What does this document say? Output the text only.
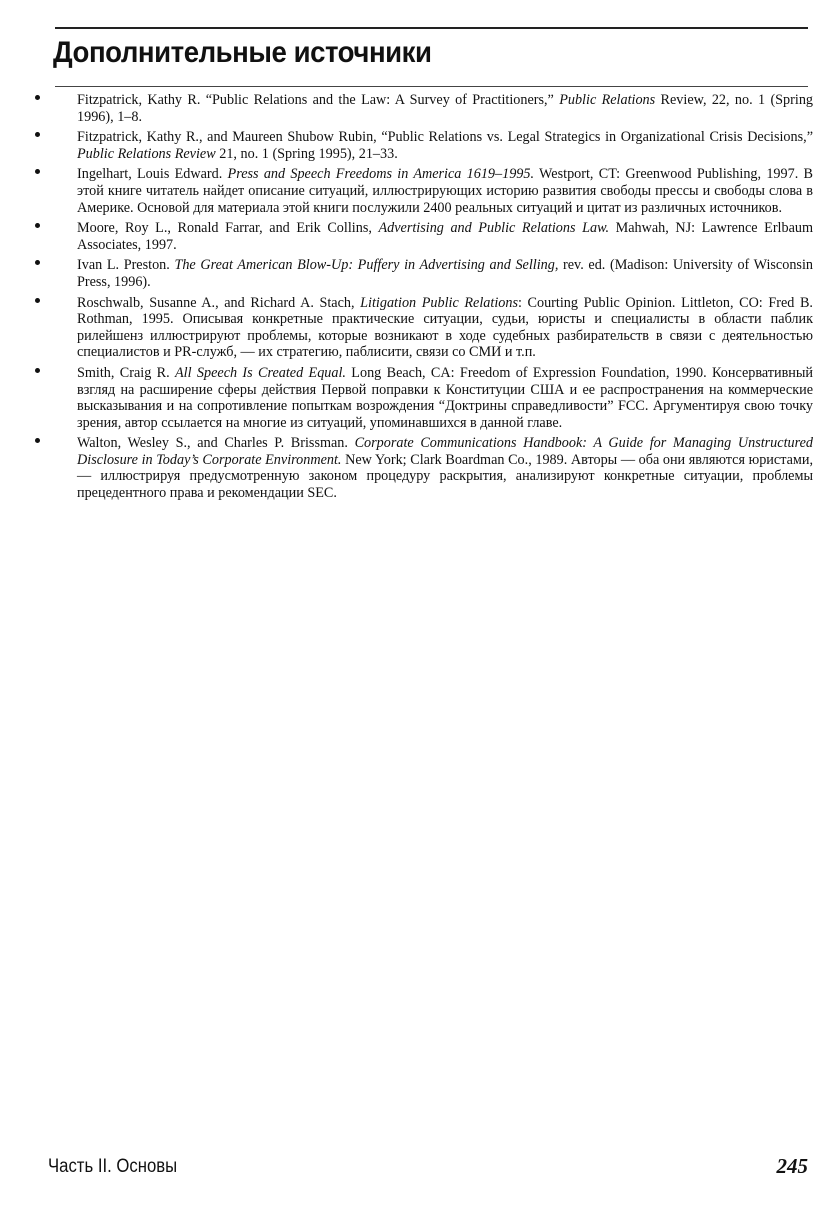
Дополнительные источники
Fitzpatrick, Kathy R. “Public Relations and the Law: A Survey of Practitioners,” Public Relations Review, 22, no. 1 (Spring 1996), 1–8.
Fitzpatrick, Kathy R., and Maureen Shubow Rubin, “Public Relations vs. Legal Strategics in Organizational Crisis Decisions,” Public Relations Review 21, no. 1 (Spring 1995), 21–33.
Ingelhart, Louis Edward. Press and Speech Freedoms in America 1619–1995. Westport, CT: Greenwood Publishing, 1997. В этой книге читатель найдет описание ситуаций, иллюстрирующих историю развития свободы прессы и свободы слова в Америке. Основой для материала этой книги послужили 2400 реальных ситуаций и цитат из различных источников.
Moore, Roy L., Ronald Farrar, and Erik Collins, Advertising and Public Relations Law. Mahwah, NJ: Lawrence Erlbaum Associates, 1997.
Ivan L. Preston. The Great American Blow-Up: Puffery in Advertising and Selling, rev. ed. (Madison: University of Wisconsin Press, 1996).
Roschwalb, Susanne A., and Richard A. Stach, Litigation Public Relations: Courting Public Opinion. Littleton, CO: Fred B. Rothman, 1995. Описывая конкретные практические ситуации, судьи, юристы и специалисты в области паблик рилейшенз иллюстрируют проблемы, которые возникают в ходе судебных разбирательств в связи с деятельностью специалистов и PR-служб, — их стратегию, паблисити, связи со СМИ и т.п.
Smith, Craig R. All Speech Is Created Equal. Long Beach, CA: Freedom of Expression Foundation, 1990. Консервативный взгляд на расширение сферы действия Первой поправки к Конституции США и ее распространения на коммерческие высказывания и на сопротивление попыткам возрождения “Доктрины справедливости” FCC. Аргументируя свою точку зрения, автор ссылается на многие из ситуаций, упоминавшихся в данной главе.
Walton, Wesley S., and Charles P. Brissman. Corporate Communications Handbook: A Guide for Managing Unstructured Disclosure in Today’s Corporate Environment. New York; Clark Boardman Co., 1989. Авторы — оба они являются юристами, — иллюстрируя предусмотренную законом процедуру раскрытия, анализируют конкретные ситуации, проблемы прецедентного права и рекомендации SEC.
Часть II. Основы	245
